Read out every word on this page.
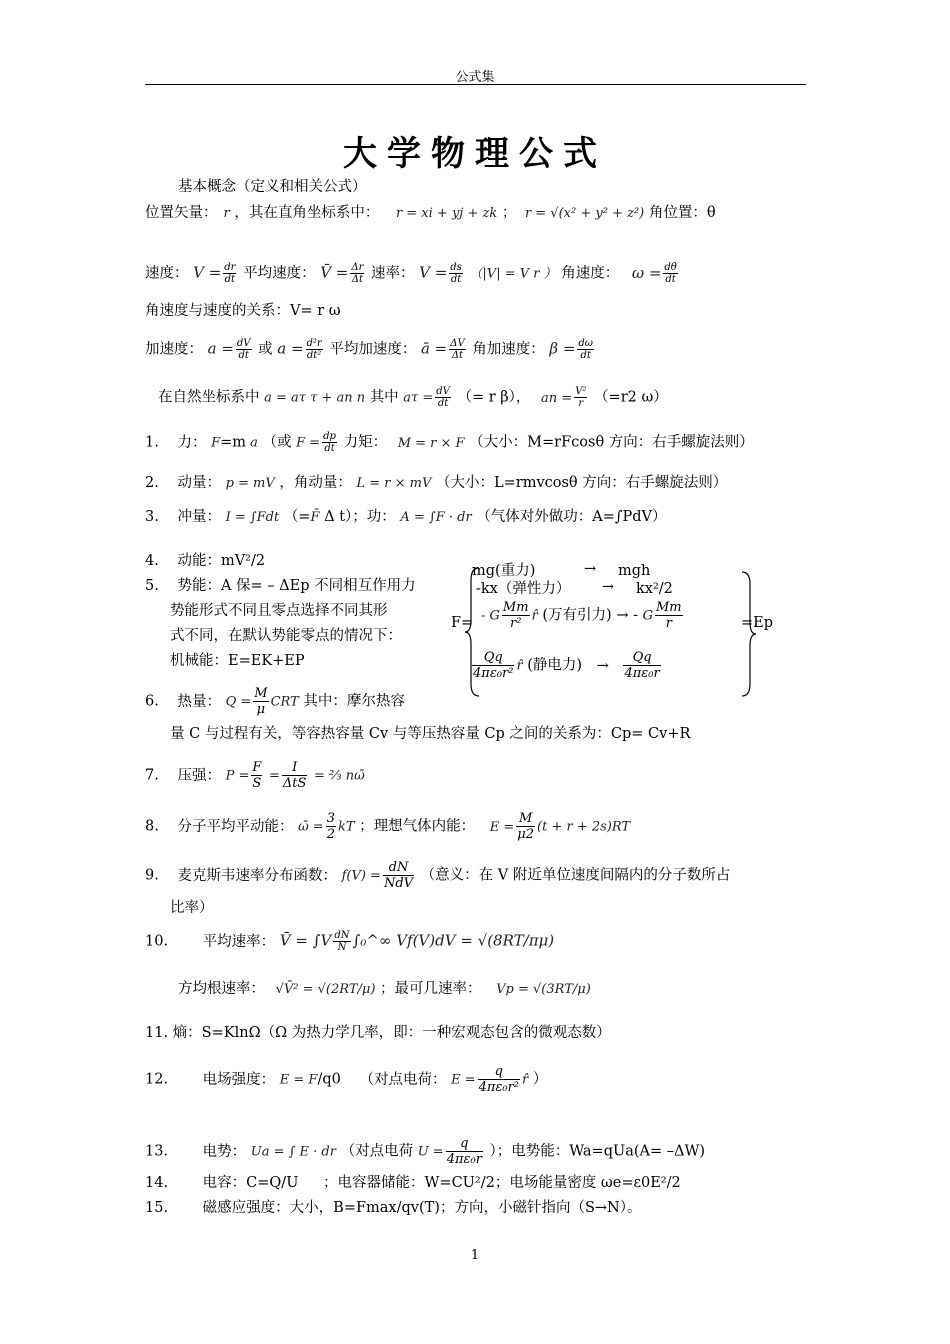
公式集
大学物理公式
基本概念（定义和相关公式）
位置矢量： r ，其在直角坐标系中： r = xi + yj + zk ； r = √(x² + y² + z²) 角位置：θ
速度： $V = \frac{dr}{dt}$ 平均速度： V̄ = $\frac{\Delta r}{\Delta t}$ 速率： $V = \frac{ds}{dt} (|V| = V$ r ） 角速度： $\omega = \frac{d\theta}{dt}$
角速度与速度的关系：V= r ω
加速度： $a = \frac{dV}{dt}$ 或 $a = \frac{\text{d²r}}{\text{dt²}}$ 平均加速度： ā = $\frac{\Delta V}{\Delta t}$ 角加速度： $\beta = \frac{d\omega}{dt}$
在自然坐标系中 a = aτ τ + an n 其中 $a\tau = \frac{dV}{dt}$ （= r β）， an = $\frac{\text{V²}}{r} (=r2$ ω）
1. 力： F=m a （或 $F = \frac{dp}{dt}$ 力矩： M = r × F （大小：M=rFcosθ 方向：右手螺旋法则）
2. 动量： p = mV ，角动量： L = r × mV （大小：L=rmvcosθ 方向：右手螺旋法则）
3. 冲量： I = ∫Fdt （=F̄ Δ t）；功： A = ∫F · dr （气体对外做功：A=∫PdV）
4. 动能：mV²/2
5. 势能：A 保= – ΔEp 不同相互作用力
势能形式不同且零点选择不同其形
式不同，在默认势能零点的情况下：
机械能：E=EK+EP
mg(重力)	→ mgh
-kx（弹性力） → kx²/2
F= - G $\frac{Mm}{\text{r²}}$ r̂ (万有引力) → - G $\frac{Mm}{r}$	=Ep
$\frac{Qq}{\text{4πε₀r²}}$ r̂ (静电力) → $\frac{Qq}{\text{4πε₀r}}$
6. 热量： $Q = \frac{M}{\mu}$ CRT 其中：摩尔热容
量 C 与过程有关，等容热容量 Cv 与等压热容量 Cp 之间的关系为：Cp= Cv+R
7. 压强： $P = \frac{F}{S} = \frac{I}{\text{ΔtS}}$ = ⅔ nω̄
8. 分子平均平动能： ω̄ = $\frac{3}{2}$ kT ；理想气体内能： $E = \frac{M}{\mu 2} (t + r + 2s)RT$
9. 麦克斯韦速率分布函数： $f(V) = \frac{dN}{\text{NdV}}$ （意义：在 V 附近单位速度间隔内的分子数所占
比率）
10. 平均速率： V̄ = $\int V \frac{dN}{N}$ ∫₀^∞ Vf(V)dV = √(8RT/πμ)
方均根速率： √V̄² = √(2RT/μ) ；最可几速率： Vp = √(3RT/μ)
11. 熵：S=KlnΩ（Ω 为热力学几率，即：一种宏观态包含的微观态数）
12. 电场强度： E = F/q0 （对点电荷： $E = \frac{q}{\text{4πε₀r²}}$ r̂ ）
13. 电势： Ua = ∫ E · dr （对点电荷 $U = \frac{q}{\text{4πε₀r}}$ ）；电势能：Wa=qUa(A= –ΔW)
14. 电容：C=Q/U ；电容器储能：W=CU²/2；电场能量密度 ωe=ε0E²/2
15. 磁感应强度：大小，B=Fmax/qv(T)；方向，小磁针指向（S→N）。
1
